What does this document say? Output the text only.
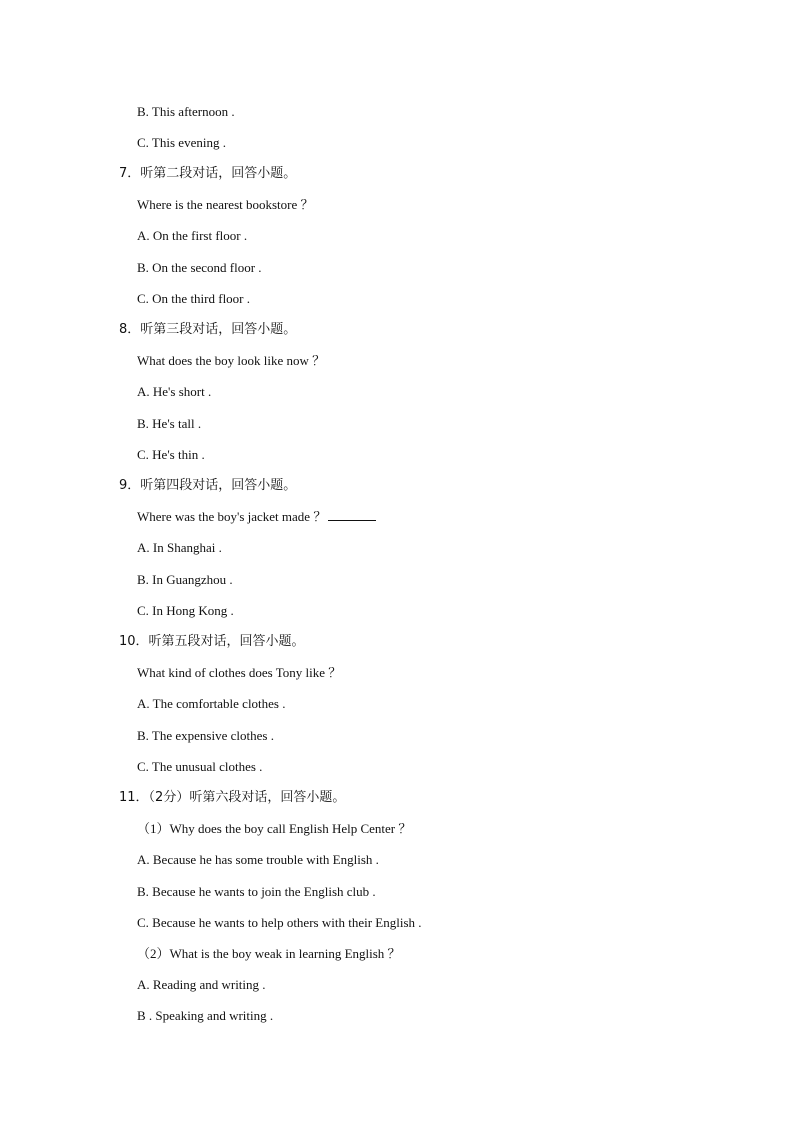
B. This afternoon .
C. This evening .
7．听第二段对话，回答小题。
Where is the nearest bookstore ？
A. On the first floor .
B. On the second floor .
C. On the third floor .
8．听第三段对话，回答小题。
What does the boy look like now ？
A. He's short .
B. He's tall .
C. He's thin .
9．听第四段对话，回答小题。
Where was the boy's jacket made ？
A. In Shanghai .
B. In Guangzhou .
C. In Hong Kong .
10．听第五段对话，回答小题。
What kind of clothes does Tony like ？
A. The comfortable clothes .
B. The expensive clothes .
C. The unusual clothes .
11．（2分）听第六段对话，回答小题。
（1）Why does the boy call English Help Center ？
A. Because he has some trouble with English .
B. Because he wants to join the English club .
C. Because he wants to help others with their English .
（2）What is the boy weak in learning English ？
A. Reading and writing .
B . Speaking and writing .
